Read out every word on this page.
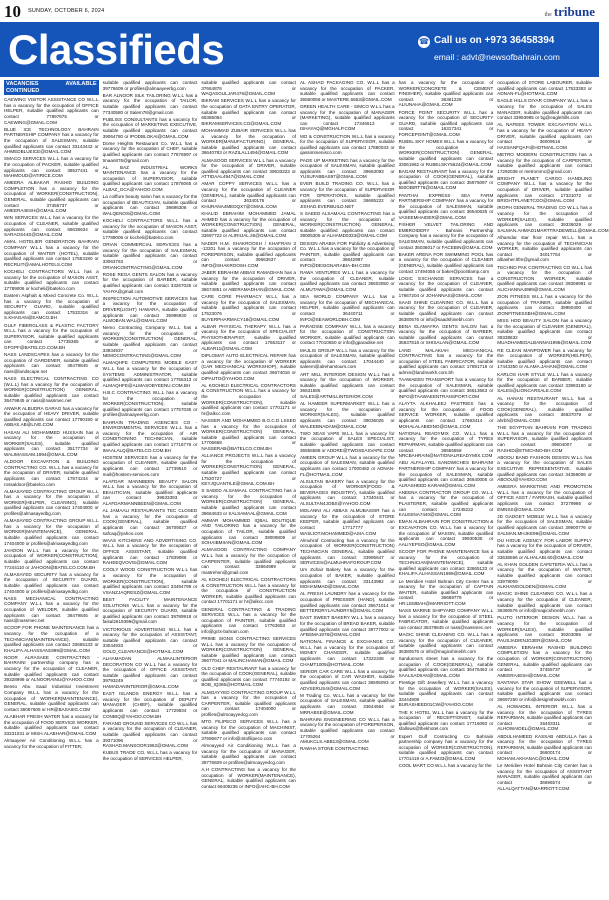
10 SUNDAY, OCTOBER 6, 2024
the tribune
Classifieds	☎ Call us on +973 36458394
email : advt@newsofbahrain.com
VACANCIES AVAILABLE CONTINUED

CAEWING VISITOR ASSISTANCE CO W.L.L has a vacancy for the occupation of OFFICE HELPER, suitable qualified applicants can contact 77897675 or CAEWING@GMAIL.COM

BLUE ICE TECHNOLOGY BAHRAIN PARTNERSHIP COMPANY has a vacancy for the occupation of SALESMAN, suitable qualified applicants can contact 33143442 or AHMEDBLUEICE@GMAIL.COM

SMACO SERVICES W.L.L has a vacancy for the occupation of PACKER, suitable qualified applicants can contact 36527441 or MAHMOUD@ATIRICE.COM

AMEERA ALBAKAR RASHID BUILDING COMPLETION has a vacancy for the occupation of WORKER(CONSTRUCTION), GENERAL, suitable qualified applicants can contact 37455737 or AMEERA4ESH@GMAIL.COM

WIN SERVICES W.L.L has a vacancy for the occupation of CLEANER, suitable qualified applicants can contact 66638634 or SARAOS44S@GMAIL.COM

AMAL HOTELIER GENERATION BAHRAIN COMPANY W.L.L has a vacancy for the occupation of WAITER (HOTEL), suitable qualified applicants can contact 17553190 or RECRUIT@AMALHOTELS.COM

KOCHELI CONTRACTORS W.L.L has a vacancy for the occupation of MASON ASST, suitable qualified applicants can contact 17789006 or kocheli@batelco.com

Eastern Asphalt & Mixed Concrete Co. W.L.L has a vacancy for the occupation of SECURITY GUARD, suitable qualified applicants can contact 17532316 or S.KHAGAN@EAMCO.BH

GULF FIBERGLASS & PLASTIC FACTORY W.L.L has a vacancy for the occupation of SUPERVISOR, suitable qualified applicants can contact 17735365 or GFGPF@BATELCO.COM.BH

NASS LANDSCAPES has a vacancy for the occupation of GARDENER, suitable qualified applicants can contact 36479845 or nass@landscape.net

NASS ELECTRICAL CONTRACTING CO (W.L.L) has a vacancy for the occupation of WORKER(CONSTRUCTION) GENERAL, suitable qualified applicants can contact 36479845 or nass@nassmec.net

ANWAR ALBUDRA GARAG has a vacancy for the occupation of HEAVY DRIVER, suitable qualified applicants can contact 17790190 or ABBAS.AB@LIVE.COM

HASAN ALI MOHAMMED HUSSAIN has a vacancy for the occupation of WORKER(SALES), suitable qualified applicants can contact 35177734 or WALIMASSAM.1994@GMAIL.COM

ALDOOR EXCAVATION & BUILDING CONTRACTING CO. W.L.L has a vacancy for the occupation of DRIVER, suitable qualified applicants can contact 17874244 or rossaldoor@batelco.com

ALMASAYED CONTRACTING GROUP W.L.L has a vacancy for the occupation of WORKER(HELPER, CLEANING), suitable qualified applicants can contact 17404000 or profiles@almasayedbg.com

ALMASAYED CONTRACTING GROUP W.L.L has a vacancy for the occupation of WORKER(MAINTENANCE), GENERAL, suitable qualified applicants can contact 17404000 or profiles@almasayedbg.com

JAHOON W.L.L has a vacancy for the occupation of WORKER(CONSTRUCTION), suitable qualified applicants can contact 77244110 or JAHOON@BATELCO.COM.BH

ALMASAYED SECURITY has a vacancy for the occupation of SECURITY GUARD, suitable qualified applicants can contact 17404000 or profiles@almasayedbg.com

NASS MECHANICAL CONTRACTING COMPANY W.L.L has a vacancy for the occupation of WELDER, suitable qualified applicants can contact 36479845 or nass@nassmec.net

SCOOP FOR PHONE MAINTENANCE has a vacancy for the occupation of a TECHNICIAN(MAINTENANCE), suitable qualified applicants can contact 33665133 or KHALIFA.ALHASSAN1999@GMAIL.COM

NOOR ALRASAEE CONTRACTING - BAHRAINI partnership company has a vacancy for the occupation of CLEANER, suitable qualified applicants can contact 39328999 or ALNOORAINU@YAHOO.COM

Benso Abu Saad Industrial Investment Company W.L.L has a vacancy for the occupation of WORKER(MAINTENANCE), GENERAL, suitable qualified applicants can contact 36067605 or HR@BASAIIIG.COM

ALABHAR FRESH WATER has a vacancy for the occupation of FOOD SERVICE WORKER, suitable qualified applicants can contact 33231031 or MISH.ALABHAR@GMAIL.COM

Almaayeer Air Conditioning W.L.L has a vacancy for the occupation of FITTER,

suitable qualified applicants can contact 39776609 or profiles@almaayeerbg.com

BAR ALNOOR SILK TAILORING W.L.L has a vacancy for the occupation of TAILOR, suitable qualified applicants can contact 77340580 or Salem78@gmail.com

PUBLISS CONSULTANTS has a vacancy for the occupation of MARKETING EXECUTIVE, suitable qualified applicants can contact 39064780 or IPODBLOKAI@GMAIL.COM

Dome Heights Restaurant Co. W.L.L has a vacancy for the occupation of CHEF, suitable qualified applicants can contact 77576997 or tmaan876@gmail.com

AL BAZ INDUSTRIAL WORKS MAINTENANCE has a vacancy for the occupation of SUPERVISOR, suitable qualified applicants can contact 17876065 or ALBAZ_GCA@YAHOO.COM

La coiffure beauty salon has a vacancy for the occupation of BEAUTICIAN, suitable qualified applicants can contact 39696306 or WALQENOS@GMAIL.COM

KOCHELI CONTRACTORS W.L.L has a vacancy for the occupation of MASON ASST, suitable qualified applicants can contact 17789006 or kocheli@batelco.com

ORIAN COMMERCIAL SERVICES has a vacancy for the occupation of SALESMAN, suitable qualified applicants can contact 33063763 or ORIANCOMTRACTING@GMAIL.COM

ROSE REGA GENTS SALON has a vacancy for the occupation of BARBER, suitable qualified applicants can contact 33267025 or YAHYA@gmail.com

INSPECTION AUTOMOTIVE SERVICES has a vacancy for the occupation of DRIVER(LIGHT) HAWARA, suitable qualified applicants can contact 35996930 or ALMOBAN.WAL@GMAIL.COM

Nemo Contracting Company W.L.L has a vacancy for the occupation of WORKER(CONSTRUCTION) GENERAL, suitable qualified applicants can contact 33934937 or NEMOCONTRACTING@GMAIL.COM

ALMAQHFE COMPUTERS MOBILE EAST W.L.L has a vacancy for the occupation of SYSTEMS ADMINISTRATOR, suitable qualified applicants can contact 17755313 or ALMAQHFE@ALMASOBYEENU.COM.BH

H.B.C CONTRACTING W.L.L has a vacancy for the occupation of WORKER(CONSTRUCTION), suitable qualified applicants can contact 17757036 or profiles@almaayeerbg.com

BAHRAIN TRADING AGENCIES CO - ENVIRONMENTAL SERVICES W.L.L has a vacancy for the occupation of AIR CONDITIONING TECHNICIAN, suitable qualified applicants can contact 17716776 or IMAALALQ@BATELCO.COM.BH

HOSTEM SERVICES has a vacancy for the occupation of CLEANER, suitable qualified applicants can contact 17739510 or mail@hostem-services.com

ALAFDAR MANNBEEN BEAUTY SALON W.L.L has a vacancy for the occupation of BEAUTICIAN, suitable qualified applicants can contact 39633393 or ALAFDARMANNBEEN@GMAIL.COM

AL JAMAALI RESTAURANTS TEC CLOSED has a vacancy for the occupation of COOK(GENERAL), suitable qualified applicants can contact 36709027 or safcaq@yahoo.com

WAAS KITCHENS AND ADVERTISING CO. W.L.L has a vacancy for the occupation of OFFICE ASSISTANT, suitable qualified applicants can contact 17839086 or RAHEEQVOVIS@GMAIL.COM

COOLY WOOD CONSTRUCTION W.L.L has a vacancy for the occupation of WORKER(CONSTRUCTION), suitable qualified applicants can contact 33494799 or VSANZJAQRESZ@GMAIL.COM

BEST FACILITY MAINTENANCE SOLUTIONS W.L.L has a vacancy for the occupation of SECURITY GUARD, suitable qualified applicants can contact 39789918 or faisal2619399@gmail.com

VICTORIOUS ADVERTISING W.L.L has a vacancy for the occupation of ASSISTANT, suitable qualified applicants can contact 33044933 or GOLD_CLEARANCE@HOTMAIL.COM

ALHAMADAN ALMAALINTERIOR DECORATION CO W.L.L has a vacancy for the occupation of OFFICE ASSISTANT, suitable qualified applicants can contact 39793249 or HAMADANINTERIOR@GMAIL.COM

EAST ISLANDS ENERGY W.L.L has a vacancy for the occupation of DEPUTY MANAGER (CHIEF), suitable qualified applicants can contact 17729934 or CONBIQ@YAHOO.COM.BH

FARAND GROUND SERVICES CO W.L.L has a vacancy for the occupation of CLEANER, suitable qualified applicants can contact 39371096 or RASHAD.MANSOOR1962@GMAIL.COM

KUBUS TRADE CO. W.L.L has a vacancy for the occupation of SERVICES HELPER,

suitable qualified applicants can contact 37664876 or WAQASGULJAR476@GMAIL.COM

BIKRAM SERVICES W.L.L has a vacancy for the occupation of DATA ENTRY OPERATOR, suitable qualified applicants can contact 66386084 or BIKRAMSERVICES.CO@GMAIL.COM

MOHAMMAD ZUBAIR SERVICES W.L.L has a vacancy for the occupation of WORKER(MANUFACTURING) GENERAL, suitable qualified applicants can contact 36640783 or RAZILAL1494@GMAIL.COM

ALMASOOD SERVICES W.L.L has a vacancy for the occupation of DRIVER, suitable qualified applicants can contact 39633223 or ATTIDAAL4947@GMAIL.COM

AMAR COPPY SERVICES W.L.L has a vacancy for the occupation of CLEANER (GENERAL), suitable qualified applicants can contact 36340176 or KHURANA4MEDQX7@GMAIL.COM

KHALID EBRAHIM MOHAMMED JAMAL AHMED has a vacancy for the occupation of WORKER(CONSTRUCTION) GENERAL, suitable qualified applicants can contact 33697722 or ALIRIIJAL.26@GMAIL.COM

NADER H.M. SHAKROOSH / KHAFRAN 3 -13201 has a vacancy for the occupation of FOREPERSON, suitable qualified applicants can contact 39663637 or INFO@SHAKROOSH.COM

JABER EBRAHIM ABBAS RAMADHAN has a vacancy for the occupation of DRIVER, suitable qualified applicants can contact 36674851 or ABERAMADHAN@GMAIL.COM

CARE CORE PHARMACY W.L.L has a vacancy for the occupation of SALESMAN, suitable qualified applicants can contact 17523076 or BUYERPHARMACY18@GMAIL.COM

ALBAR PHYSICAL THERAPY W.L.L has a vacancy for the occupation of SPECIALIST PHYSIOTHERAPIST, suitable qualified applicants can contact 17553117 or ALBAR11@GMAIL.COM

DIPLOMAT AUTO ELECTRICAL REPAIR has a vacancy for the occupation of WORKER (CAR MECHANICAL WORKSHOP), suitable qualified applicants can contact 36674016 or DIPAUTO@YAHOO.COM

AL KOOHEJI ELECTRICAL CONTRACTORS & CONSTRUCTION W.L.L has a vacancy for the occupation of WORKER(CONSTRUCTION), suitable qualified applicants can contact 17701171 or hr@alkcc.com

NASSER AND MOHAMMED B.O.C.D LSSED has a vacancy for the occupation of WORKER(CONSTRUCTION) GENERAL, suitable qualified applicants can contact 17706668 or NASSERAB@BATELCO.COM.BH

ALLIANCE PROJECTS W.L.L has a vacancy for the occupation of WORKER(CONSTRUCTION) GENERAL, suitable qualified applicants can contact 17520727 or KEYJQUANTILE@GMAIL.COM.BH

S SAEED ALSAMAAL CONTRACTING has a vacancy for the occupation of WORKER(CONSTRUCTION) GENERAL, suitable qualified applicants can contact 39664633 or SALSAMAAL@GMAIL.COM

AMMAR MOHAMMED IQBAL BOUTIQUE AND TAILORING has a vacancy for the occupation of TAILOR, suitable qualified applicants can contact 39009809 or SOHAIBMIIAN@GMAIL.COM

ALMASOOD CONTRACTING COMPANY W.L.L has a vacancy for the occupation of CARPENTER, suitable qualified applicants can contact 33664989 or mastrehsn@gmail.com

AL KOOHEJI ELECTRICAL CONTRACTORS & CONSTRUCTION W.L.L has a vacancy for the occupation of CONSTRUCTION WORKER, suitable qualified applicants can contact 17701171 or hr@alkcc.com

GENERAL CONTRACTING & TRADING SERVICES W.L.L has a vacancy for the occupation of PAINTER, suitable qualified applicants can contact 17763653 or info@gcts-bahrain.com

PRIME SIGNS CONTRACTING SERVICES W.L.L has a vacancy for the occupation of WORKER(CONSTRUCTION) GENERAL, suitable qualified applicants can contact 36677041 or MALINCHAMAN@GMAIL.COM

OLD CHEF RESTAURANT has a vacancy for the occupation of COOK(GENERAL), suitable qualified applicants can contact 77740192 or BOB_IQ365@HOTMAIL.COM

ALMOAYYED CONTRACTING GROUP W.L.L has a vacancy for the occupation of CARPENTER, suitable qualified applicants can contact 17404000 or profiles@almoayyedcg.com

MTO FILIPECO SERVICES W.L.L has a vacancy for the occupation of MACHINIST, suitable qualified applicants can contact 37696677 or info@mtofilipeco.com

Almoayyed Air Conditioning W.L.L has a vacancy for the occupation of MANAGER, suitable qualified applicants can contact 39776609 or profiles@almoayyedcg.com

A.H CONTRACTING has a vacancy for the occupation of WORKER(MAINTENANCE), GENERAL, suitable qualified applicants can contact 66409236 or INFO@AHC-BH.COM

AL ASHAD PACKAGING CO. W.L.L has a vacancy for the occupation of PACKER, suitable qualified applicants can contact 36560056 or MASTERE.6663@GMAIL.COM

GREEN HEALTH CARE - SIMCO W.L.L has a vacancy for the occupation of MANAGER (MARKETING), suitable qualified applicants can contact 17346613 or ISHAYAQ@MGHALP.COM

MO & CONSTRUCTION W.L.L has a vacancy for the occupation of SUPERVISOR, suitable qualified applicants can contact 17880033 or qassimmenisco.com

PAGE UP MARKETING has a vacancy for the occupation of SALESMAN, suitable qualified applicants can contact 39663093 or YUSUFABBAS97@GMAIL.COM

EVER BUILD TRADING CO. W.L.L has a vacancy for the occupation of SUPERVISOR FOR OPERATIONS, suitable qualified applicants can contact 36685222 or JISHAD.EVERBUILD.NET

S SAEED ALSAMAAL CONTRACTING has a vacancy for the occupation of WORKER(CONSTRUCTION) GENERAL, suitable qualified applicants can contact 39005305 or ALHAMD0333@GMAIL.COM

DESIGN ARABIA FOR Publicity & Advertising Co. W.L.L has a vacancy for the occupation of PAINTER, suitable qualified applicants can contact 36642987 or INFO@DESIGNARABIA-BH.COM

RAWA VENTURES W.L.L has a vacancy for the occupation of CLEANER, suitable qualified applicants can contact 36603050 or ALMUTAWA@GMAIL.COM

SEA WORLD COMPANY W.L.L has a vacancy for the occupation of MECHANICAL HELPER, suitable qualified applicants can contact 36440711 or INFO@SEAWORLDBH.COM

PARADISE COMPANY W.L.L has a vacancy for the occupation of CONSTRUCTION WORKER, suitable qualified applicants can contact 77010550 or info@gparadise.net

MAJLIS GROUP W.L.L has a vacancy for the occupation of SALESMAN, suitable qualified applicants can contact 17044440 or saleem@alrehamtours.com

ART MILL INTERIOR DESIGN W.L.L has a vacancy for the occupation of WORKER, suitable qualified applicants can contact 36631585 or SALES@ARTMILLINTERIOR.COM

AL HAMEER SUPERMARKET W.L.L has a vacancy for the occupation of WORKER(SALES), suitable qualified applicants can contact 39036026 or WALEEBNADAM@GMAIL.COM

TWO SEAS VAPE W.L.L has a vacancy for the occupation of SALES SPECIALIST, suitable qualified applicants can contact 36555588 or ADDRE@TWOSEASVAPE.COM

AMEEN GROUP W.L.L has a vacancy for the occupation of SALESMAN, suitable qualified applicants can contact 17000482 or ADNAN-FL@HOTMAIL.COM

ALSULTAN BAKERY has a vacancy for the occupation of WORKER(FOOD & BEVERAGES INDUSTRY), suitable qualified applicants can contact 17340441 or ALSULTAN4JOBS@YAHOO.COM

MOLANNI ALI ABBAS ALMUBASSIR has a vacancy for the occupation of STORE KEEPER, suitable qualified applicants can contact 17717777 or WASLIOT.MOHAMMED@ASIA.COM

Almuhraf Contracting has a vacancy for the occupation of WORKER(CONSTRUCTION) TECHNICIAN GENERAL, suitable qualified applicants can contact 33995647 or SERVICES@ALMUHRAFGROUP.COM

Um Zuhair Bakery has a vacancy for the occupation of BAKER, suitable qualified applicants can contact 33143992 or MOHAMMAD@GMAIL.COM

AL FRESH LAUNDRY has a vacancy for the occupation of PRESSER (HAND), suitable qualified applicants can contact 36671014 or BETTERDRYLAUNDRY5@GMAIL.COM

EAST SWEET BAKERY W.L.L has a vacancy for the occupation of BREAD BAKER, suitable qualified applicants can contact 39777002 or AFBSMA1978@GMAIL.COM

NATIONAL FINANCE & EXCHANGE CO. W.L.L has a vacancy for the occupation of MONEY CHANGER, suitable qualified applicants can contact 17322348 or CHAMT1005@HOTMAIL.COM

SERIOR CAR CARE W.L.L has a vacancy for the occupation of CAR WASHER, suitable qualified applicants can contact 36505093 or ADVSERUS4I@GMAIL.COM

M Trading Co. W.L.L has a vacancy for the occupation of SALESMAN, suitable qualified applicants can contact 33644564 or MRRABSE@GMAIL.COM

BAHRAINI ENGINEERING CO W.L.L has a vacancy for the occupation of FOREPERSON, suitable qualified applicants can contact 17705264 or AMUKCLS.ABB13@GMAIL.COM

RAWHA STONE CONTRACTING

has a vacancy for the occupation of WORKER(CONCRETE & CEMENT FINISHER), suitable qualified applicants can contact 36361228 or ALIUNAHA@GMAIL.COM

FORCE POINT SECURITY W.L.L has a vacancy for the occupation of SECURITY GUARD, suitable qualified applicants can contact 16317341 or FORCEPOINT@GMAIL.COM

RUBEL SKY HOMES W.L.L has a vacancy for the occupation of WORKER(CONSTRUCTION) GENERAL, suitable qualified applicants can contact 33061962 or RUBELSKY5624@GMAIL.COM

BAGAM RESTAURANT has a vacancy for the occupation of COOK(GENERAL), suitable qualified applicants can contact 35975097 or 550OBIRT76@GMAIL.COM

PANTHAI EXPRESS SEA FARM PARTNERSHIP COMPANY has a vacancy for the occupation of SALESMAN, suitable qualified applicants can contact 36540635 or VASEEMHAIDER@GMAIL.COM

FISHER VELVET TAILORING AND EMBROIDERY - Bahraini Partnership Company has a vacancy for the occupation of SALESMAN, suitable qualified applicants can contact 35036017 or FACEBIN@GMAIL.COM

BAKER ARENA FOR SWIMMING POOL has a vacancy for the occupation of CLEANER (GENERAL), suitable qualified applicants can contact 17494055 or baker@pool4lamp.com

LOGIC EXCHANGE SERVICES has a vacancy for the occupation of CLEANER, suitable qualified applicants can contact 17667204 or JOHANNAS@GMAIL.COM

SAAD SHINE CLEANING CO. W.L.L has a vacancy for the occupation of CLEANER, suitable qualified applicants can contact 36380576 or info@saadshinebh.com

BENA ELAMAYRA GENTS SALON has a vacancy for the occupation of BARBER, suitable qualified applicants can contact 36637816 or SHISALAN@GMAIL.COM

LAND MALAKIAH MECHANICAL CONTRACTING has a vacancy for the occupation of STEEL FABRICATOR, suitable qualified applicants can contact 17891718 or admin@landmarkh.com.bh

TAAWAEEN TRANSPORT has a vacancy for the occupation of SALESMAN, suitable qualified applicants can contact 36613663 or INFO@TAAWAEENTRANSPORT.COM

ALAYTA ALKHALEEJ PASTRIES has a vacancy for the occupation of FOOD SERVICE WORKER, suitable qualified applicants can contact 17663414 or MOHALALABIDINO@GMAIL.COM

NATIONAL READYMIX CO. W.L.L has a vacancy for the occupation of TYRES REPAIRMAN, suitable qualified applicants can contact 36555558 or NRCBAHRAIN@NATIONALREADYMIX.COM

ABU ALFALAYEL SANDWICHES BAHRAINI PARTNERSHIP COMPANY has a vacancy for the occupation of SALESMAN, suitable qualified applicants can contact 36640005 or ALRASHEED.KARAM@GMAIL.COM

ANEENA CONTRACTOR GROUP CO. W.L.L has a vacancy for the occupation of PLASTERER, suitable qualified applicants can contact 17245222 or KALEENA7440@GMAIL.COM

EMAN ALBAHRAIN FOR CONSTRUCTION & EXCAVATION CO. W.L.L has a vacancy for the occupation of MASON, suitable qualified applicants can contact 39930535 or AALIYEPSO@GMAIL.COM

SCOOP FOR PHONE MAINTENANCE has a vacancy for the occupation of TECHNICIAN(MAINTENANCE), suitable qualified applicants can contact 33665133 or KHALIFA.ALHASSAN1999@GMAIL.COM

Le Meridien Hotel Bahrain City Center has a vacancy for the occupation of CAPTAIN WAITER, suitable qualified applicants can contact 36669779 or HR.LEMBAH@MARRIOTT.COM

NASS MARINE SHIPYARD COMPANY W.L.L has a vacancy for the occupation of STEEL FABRICATOR, suitable qualified applicants can contact 36479845 or nass@nassmec.net

MAGIC SHINE CLEANING CO. W.L.L has a vacancy for the occupation of CLEANER, suitable qualified applicants can contact 36380576 or info@magicshinebh.com

Sandunna's street has a vacancy for the occupation of COOK(GENERAL), suitable qualified applicants can contact 36476463 or SAALSADIIAN@GMAIL.COM

Prestige Gift Jewellery W.L.L has a vacancy for the occupation of WORKER(SALES), suitable qualified applicants can contact 33444908 or BURASHEED01CW@YAHOO.COM

THE K HOTEL W.L.L has a vacancy for the occupation of RECEPTIONIST, suitable qualified applicants can contact 17716060 or sfallows@thekhotel.com

Expert Gulf Contracting Co Bahraini partnership company has a vacancy for the occupation of WORKER(CONSTRUCTION), suitable qualified applicants can contact 17701419 or A.FAM33@GMAIL.COM

COOL MART CO W.L.L has a vacancy for the

occupation of STORE LABOURER, suitable qualified applicants can contact 17533393 or ADNAN-FL@HOTMAIL.COM

EAGLE HILLS DIYAR COMPANY W.L.L has a vacancy for the occupation of SALES MANAGER, suitable qualified applicants can contact 33993985 or bg@eaglehills.com

AL NAFEES TOWER EXCAVATION W.L.L has a vacancy for the occupation of HEAVY DRIVER, suitable qualified applicants can contact 36009516 or HASSANFQAFI@HOTMAIL.COM

METRO MODERN CONSTRUCTION has a vacancy for the occupation of CARPENTER, suitable qualified applicants can contact 17292038 or metrommc@gmail.com

BRIGHT PLANET CARGO HANDLING COMPANY W.L.L has a vacancy for the occupation of DRIVER, suitable qualified applicants can contact 17331072 or BRIGHTPLANETCGO@GMAIL.COM

IROPH GENERAL TRADING CO W.L.L has a vacancy for the occupation of WORKER(SALES), suitable qualified applicants can contact 39336029 or SALMAN.AHMAD1MARTTRADEWELL@GMAIL.COM

Alhamdar star floor repair W.L.L has a vacancy for the occupation of TECHNICIAN WORKER, suitable qualified applicants can contact 34017754 or albasher.ltfm@gmail.com

TECHNO PAK CONTRACTING CO W.L.L has a vacancy for the occupation of CONSTRUCTION WORKER, suitable qualified applicants can contact 39306991 or ALICHANNA4999@GMAIL.COM

ZION FITNESS W.L.L has a vacancy for the occupation of TRAINER, suitable qualified applicants can contact 39950400 or ZIONFITNESSBH@GMAIL.COM

MISS HOD BEAUTY SALON has a vacancy for the occupation of CLEANER (GENERAL), suitable qualified applicants can contact 39338632 or MUADHAMEDALBANNAI1995@GMAIL.COM

RE CLEAN MANPOWER has a vacancy for the occupation of WORKER(HELPER), suitable qualified applicants can contact 17443350 or ALAMA.JAHAN@GMAIL.COM

KARLOS HAIR STYLE W.L.L has a vacancy for the occupation of BARBER, suitable qualified applicants can contact 33993180 or SALES@LIONCARSALE.COM

AL HANAN RESTAURANT W.L.L has a vacancy for the occupation of COOK(GENERAL), suitable qualified applicants can contact 36637079 or ahrbh@GMAIL.COM

THE EGYPTIAN BAHRAIN FOR TRADING W.L.L has a vacancy for the occupation of SUPERVISOR, suitable qualified applicants can contact 39604007 or RASHID@ETMCHNO-BH.COM

ABOOU BAND FASHION DESIGN W.L.L has a vacancy for the occupation of SALES EXECUTIVE REPRESENTATIVE, suitable qualified applicants can contact 34356006 or ABOOU@YAHOO.COM

AMEERA MARKETING AND PROMOTION W.L.L has a vacancy for the occupation of OFFICE ASST / FARRASH, suitable qualified applicants can contact 37279986 or EMNSS@GMAIL.COM

JD GADGET MOBILE W.L.L has a vacancy for the occupation of SALESMAN, suitable qualified applicants can contact 39900776 or SALMAN.MHJKE99@GMAIL.COM

DU HIGUE AGENCY FOR LABOR SUPPLY has a vacancy for the occupation of DRIVER, suitable qualified applicants can contact 33636566 or ALHALABI.60@GMAIL.COM

AL KHAN GOLDEN CAFETERIA W.L.L has a vacancy for the occupation of WAITER, suitable qualified applicants can contact 33979009 or ALKHANGOLDEN@GMAIL.COM

MAGIC SHINE CLEANING CO. W.L.L has a vacancy for the occupation of CLEANER, suitable qualified applicants can contact 36380576 or info@magicshinebh.com

PLUTO INTERIOR DESIGN W.L.L has a vacancy for the occupation of WORKER(SALES), suitable qualified applicants can contact 39203085 or PAUSJADIENJG3ER@GMAIL.COM

AMEERA EBRAHIM RASHID BUILDING COMPLETION has a vacancy for the occupation of WORKER(CONSTRUCTION) GENERAL, suitable qualified applicants can contact 37455737 or AMEERA4ESH@GMAIL.COM

SANTANA STAR SHOW GEEWELL has a vacancy for the occupation of SUPERVISOR, suitable qualified applicants can contact 36697250 or info@designshowbh.com

AL HOWAIDEL INTERIOR W.L.L has a vacancy for the occupation of TYRES REPAIRMAN, suitable qualified applicants can contact 36403311 or ALHOWAIDEL@GMAIL.COM

ABDULHAMEED KASSAB ABDULLA has a vacancy for the occupation of TYRES REPAIRMAN, suitable qualified applicants can contact 36600174 or MOHAM.AKHANAC@GMAIL.COM

Le Meridien Hotel Bahrain City Center has a vacancy for the occupation of ASSISTANT MANAGER, suitable qualified applicants can contact 36696574 or ALLALQATTAN@MARRIOTT.COM
